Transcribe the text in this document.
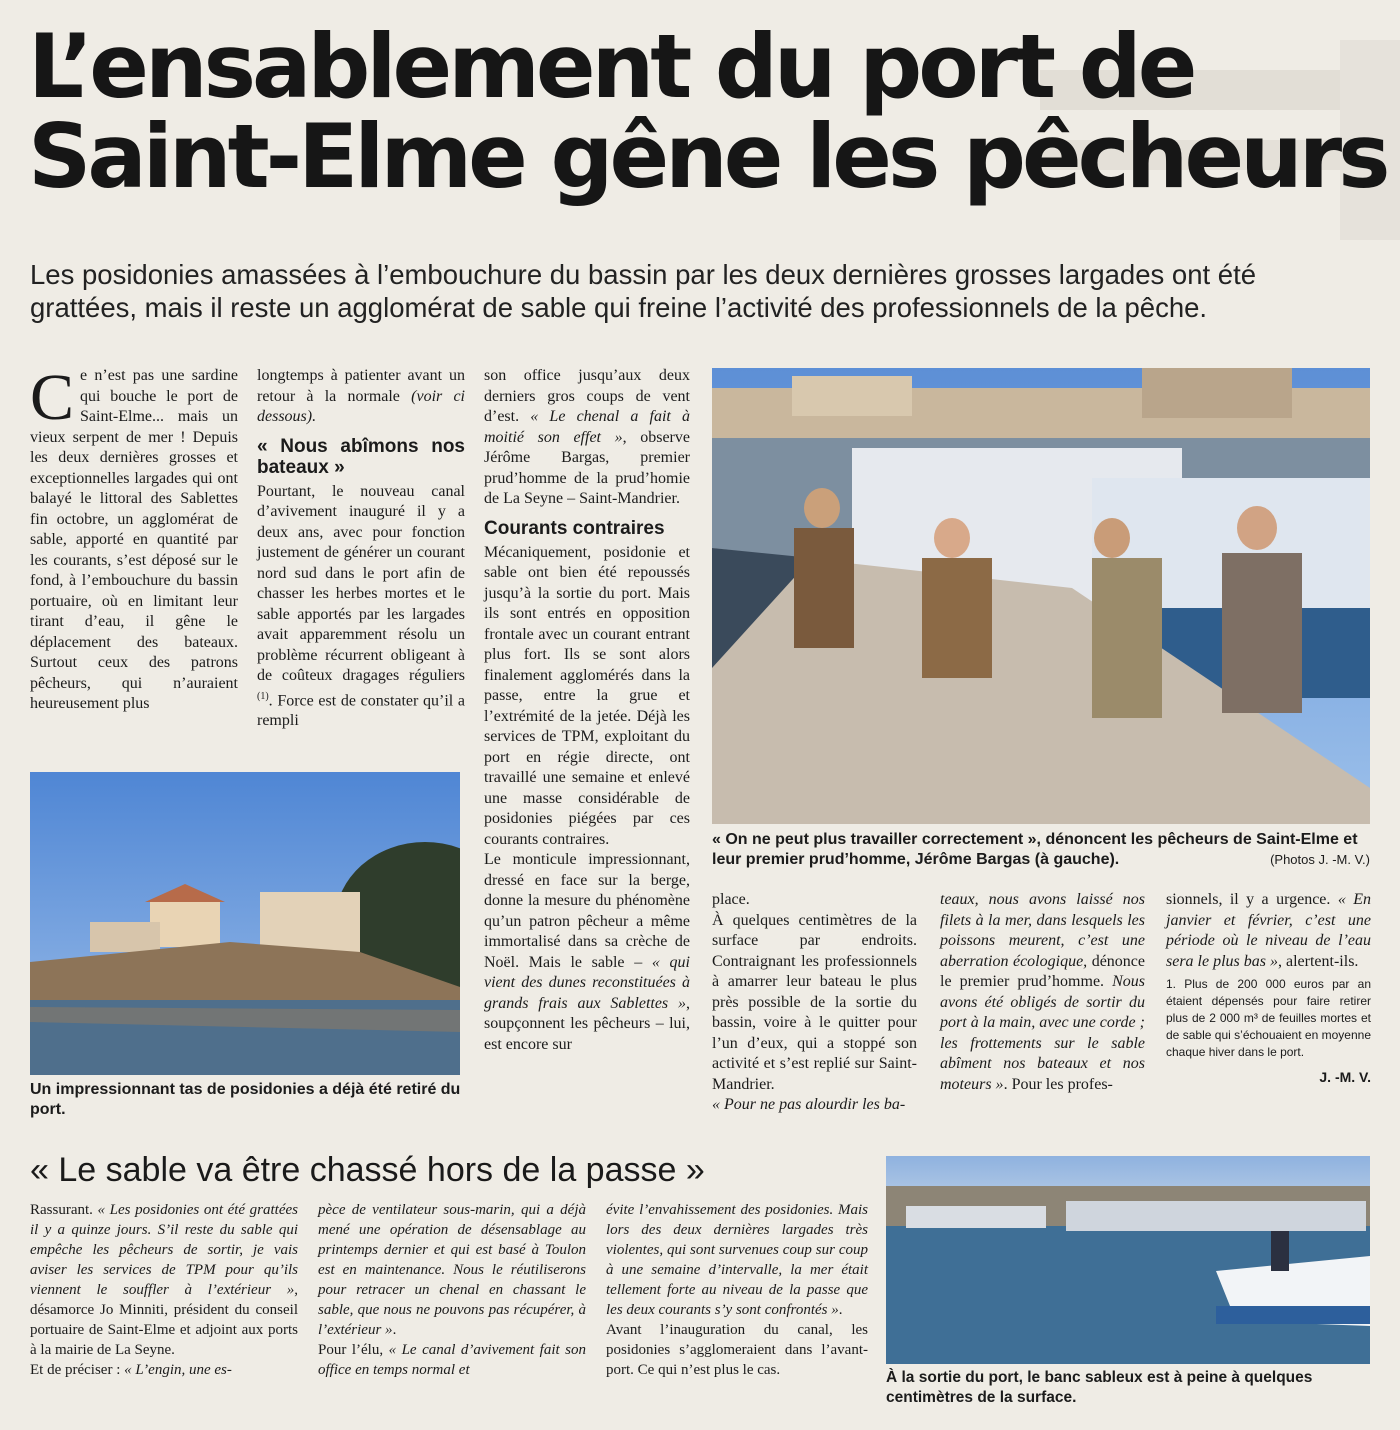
L’ensablement du port de
Saint-Elme gêne les pêcheurs
Les posidonies amassées à l’embouchure du bassin par les deux dernières grosses largades ont été grattées, mais il reste un aggloméra​t de sable qui freine l’activité des professionnels de la pêche.
C e n’est pas une sardine qui bouche le port de Saint-Elme... mais un vieux serpent de mer ! Depuis les deux dernières grosses et exceptionnelles largades qui ont balayé le littoral des Sablettes fin octobre, un agglomérat de sable, apporté en quantité par les courants, s’est déposé sur le fond, à l’embouchure du bassin portuaire, où en limitant leur tirant d’eau, il gêne le déplacement des bateaux. Surtout ceux des patrons pêcheurs, qui n’auraient heureusement plus

longtemps à patienter avant un retour à la normale (voir ci dessous).

« Nous abîmons nos bateaux »

Pourtant, le nouveau canal d’avivement inauguré il y a deux ans, avec pour fonction justement de générer un courant nord sud dans le port afin de chasser les herbes mortes et le sable apportés par les largades avait apparemment résolu un problème récurrent obligeant à de coûteux dragages réguliers $^{(1)}$. Force est de constater qu’il a rempli

son office jusqu’aux deux derniers gros coups de vent d’est. « Le chenal a fait à moitié son effet », observe Jérôme Bargas, premier prud’homme de la prud’homie de La Seyne – Saint-Mandrier.

Courants contraires

Mécaniquement, posidonie et sable ont bien été repoussés jusqu’à la sortie du port. Mais ils sont entrés en opposition frontale avec un courant entrant plus fort. Ils se sont alors finalement agglomérés dans la passe, entre la grue et l’extrémité de la jetée. Déjà les services de TPM, exploitant du port en régie directe, ont travaillé une semaine et enlevé une masse considérable de posidonies piégées par ces courants contraires.

Le monticule impressionnant, dressé en face sur la berge, donne la mesure du phénomène qu’un patron pêcheur a même immortalisé dans sa crèche de Noël. Mais le sable – « qui vient des dunes reconstituées à grands frais aux Sablettes », soupçonnent les pêcheurs – lui, est encore sur

« On ne peut plus travailler correctement », dénoncent les pêcheurs de Saint-Elme et leur premier prud’homme, Jérôme Bargas (à gauche).	(Photos J. -M. V.)
Un impressionnant tas de posidonies a déjà été retiré du port.

place.

À quelques centimètres de la surface par endroits. Contraignant les professionnels à amarrer leur bateau le plus près possible de la sortie du bassin, voire à le quitter pour l’un d’eux, qui a stoppé son activité et s’est replié sur Saint-Mandrier.

« Pour ne pas alourdir les ba-

teaux, nous avons laissé nos filets à la mer, dans lesquels les poissons meurent, c’est une aberration écologique, dénonce le premier prud’homme. Nous avons été obligés de sortir du port à la main, avec une corde ; les frottements sur le sable abîment nos bateaux et nos moteurs ». Pour les profes-

sionnels, il y a urgence. « En janvier et février, c’est une période où le niveau de l’eau sera le plus bas », alertent-ils.

1. Plus de 200 000 euros par an étaient dépensés pour faire retirer plus de 2 000 m³ de feuilles mortes et de sable qui s’échouaient en moyenne chaque hiver dans le port.

J. -M. V.
« Le sable va être chassé hors de la passe »
Rassurant. « Les posidonies ont été grattées il y a quinze jours. S’il reste du sable qui empêche les pêcheurs de sortir, je vais aviser les services de TPM pour qu’ils viennent le souffler à l’extérieur », désamorce Jo Minniti, président du conseil portuaire de Saint-Elme et adjoint aux ports à la mairie de La Seyne.
Et de préciser : « L’engin, une es-
pèce de ventilateur sous-marin, qui a déjà mené une opération de désensablage au printemps dernier et qui est basé à Toulon est en maintenance. Nous le réutiliserons pour retracer un chenal en chassant le sable, que nous ne pouvons pas récupérer, à l’extérieur ».
Pour l’élu, « Le canal d’avivement fait son office en temps normal et
évite l’envahissement des posidonies. Mais lors des deux dernières largades très violentes, qui sont survenues coup sur coup à une semaine d’intervalle, la mer était tellement forte au niveau de la passe que les deux courants s’y sont confrontés ».
Avant l’inauguration du canal, les posidonies s’agglomeraient dans l’avant-port. Ce qui n’est plus le cas.	À la sortie du port, le banc sableux est à peine à quelques centimètres de la surface.
